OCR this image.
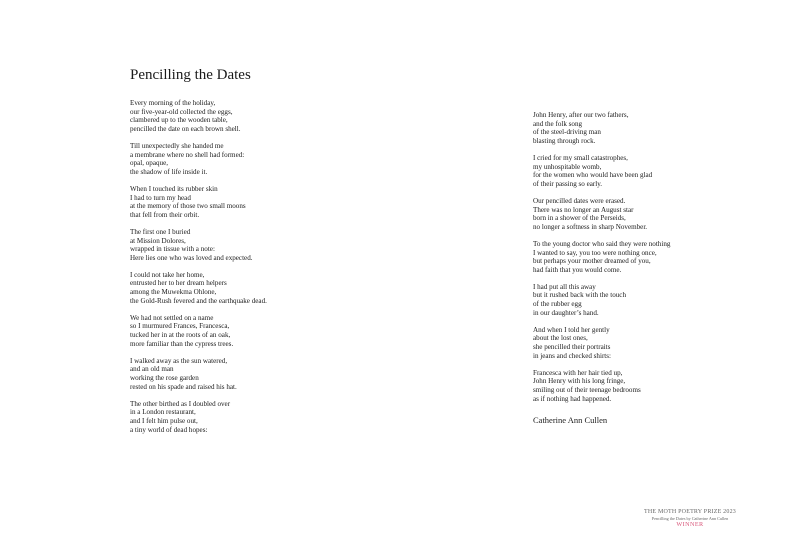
Pencilling the Dates
Every morning of the holiday,
our five-year-old collected the eggs,
clambered up to the wooden table,
pencilled the date on each brown shell.
Till unexpectedly she handed me
a membrane where no shell had formed:
opal, opaque,
the shadow of life inside it.
When I touched its rubber skin
I had to turn my head
at the memory of those two small moons
that fell from their orbit.
The first one I buried
at Mission Dolores,
wrapped in tissue with a note:
Here lies one who was loved and expected.
I could not take her home,
entrusted her to her dream helpers
among the Muwekma Ohlone,
the Gold-Rush fevered and the earthquake dead.
We had not settled on a name
so I murmured Frances, Francesca,
tucked her in at the roots of an oak,
more familiar than the cypress trees.
I walked away as the sun watered,
and an old man
working the rose garden
rested on his spade and raised his hat.
The other birthed as I doubled over
in a London restaurant,
and I felt him pulse out,
a tiny world of dead hopes:
John Henry, after our two fathers,
and the folk song
of the steel-driving man
blasting through rock.
I cried for my small catastrophes,
my unhospitable womb,
for the women who would have been glad
of their passing so early.
Our pencilled dates were erased.
There was no longer an August star
born in a shower of the Perseids,
no longer a softness in sharp November.
To the young doctor who said they were nothing
I wanted to say, you too were nothing once,
but perhaps your mother dreamed of you,
had faith that you would come.
I had put all this away
but it rushed back with the touch
of the rubber egg
in our daughter’s hand.
And when I told her gently
about the lost ones,
she pencilled their portraits
in jeans and checked shirts:
Francesca with her hair tied up,
John Henry with his long fringe,
smiling out of their teenage bedrooms
as if nothing had happened.
Catherine Ann Cullen
THE MOTH POETRY PRIZE 2023
Pencilling the Dates by Catherine Ann Cullen
WINNER
